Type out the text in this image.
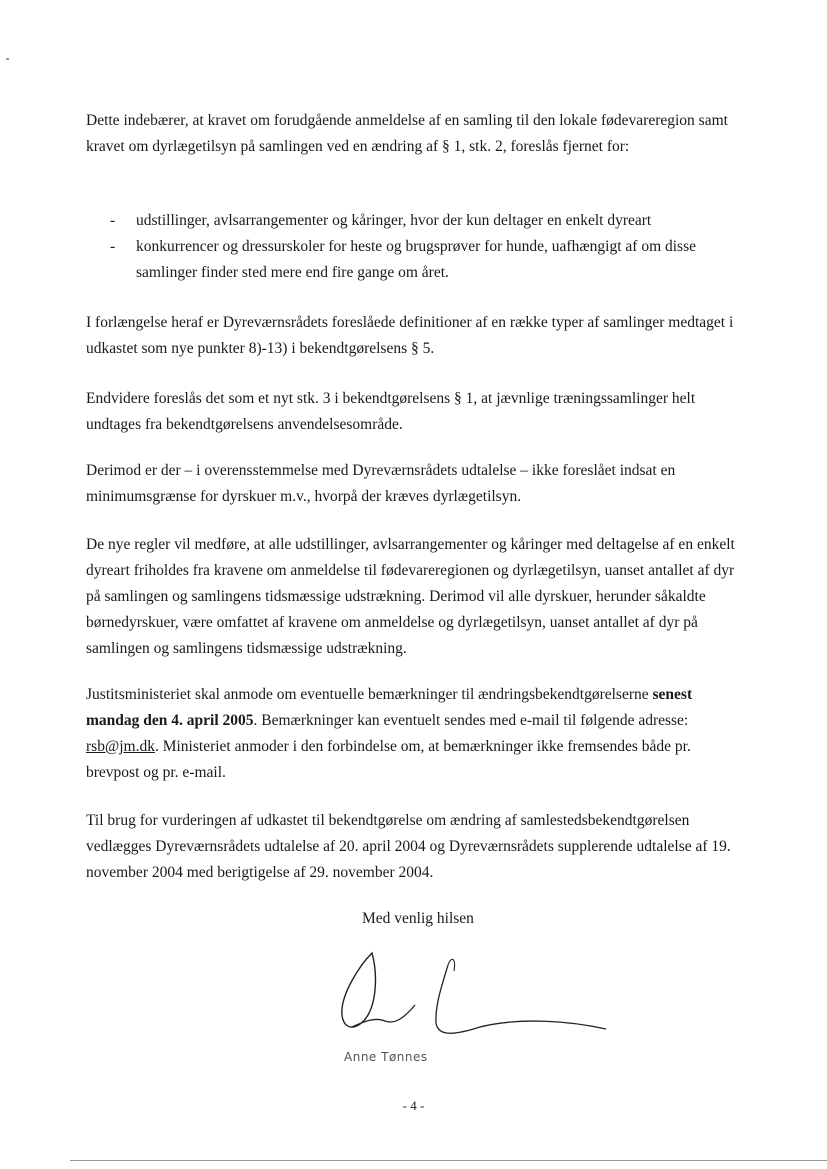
Dette indebærer, at kravet om forudgående anmeldelse af en samling til den lokale fødevareregion samt kravet om dyrlægetilsyn på samlingen ved en ændring af § 1, stk. 2, foreslås fjernet for:

- udstillinger, avlsarrangementer og kåringer, hvor der kun deltager en enkelt dyreart
- konkurrencer og dressurskoler for heste og brugsprøver for hunde, uafhængigt af om disse samlinger finder sted mere end fire gange om året.

I forlængelse heraf er Dyreværnsrådets foreslåede definitioner af en række typer af samlinger medtaget i udkastet som nye punkter 8)-13) i bekendtgørelsens § 5.

Endvidere foreslås det som et nyt stk. 3 i bekendtgørelsens § 1, at jævnlige træningssamlinger helt undtages fra bekendtgørelsens anvendelsesområde.

Derimod er der – i overensstemmelse med Dyreværnsrådets udtalelse – ikke foreslået indsat en minimumsgrænse for dyrskuer m.v., hvorpå der kræves dyrlægetilsyn.

De nye regler vil medføre, at alle udstillinger, avlsarrangementer og kåringer med deltagelse af en enkelt dyreart friholdes fra kravene om anmeldelse til fødevareregionen og dyrlægetilsyn, uanset antallet af dyr på samlingen og samlingens tidsmæssige udstrækning. Derimod vil alle dyrskuer, herunder såkaldte børnedyrskuer, være omfattet af kravene om anmeldelse og dyrlægetilsyn, uanset antallet af dyr på samlingen og samlingens tidsmæssige udstrækning.

Justitsministeriet skal anmode om eventuelle bemærkninger til ændringsbekendtgørelserne senest mandag den 4. april 2005. Bemærkninger kan eventuelt sendes med e-mail til følgende adresse: rsb@jm.dk. Ministeriet anmoder i den forbindelse om, at bemærkninger ikke fremsendes både pr. brevpost og pr. e-mail.

Til brug for vurderingen af udkastet til bekendtgørelse om ændring af samlestedsbekendtgørelsen vedlægges Dyreværnsrådets udtalelse af 20. april 2004 og Dyreværnsrådets supplerende udtalelse af 19. november 2004 med berigtigelse af 29. november 2004.

Med venlig hilsen
Anne Tønnes
- 4 -
